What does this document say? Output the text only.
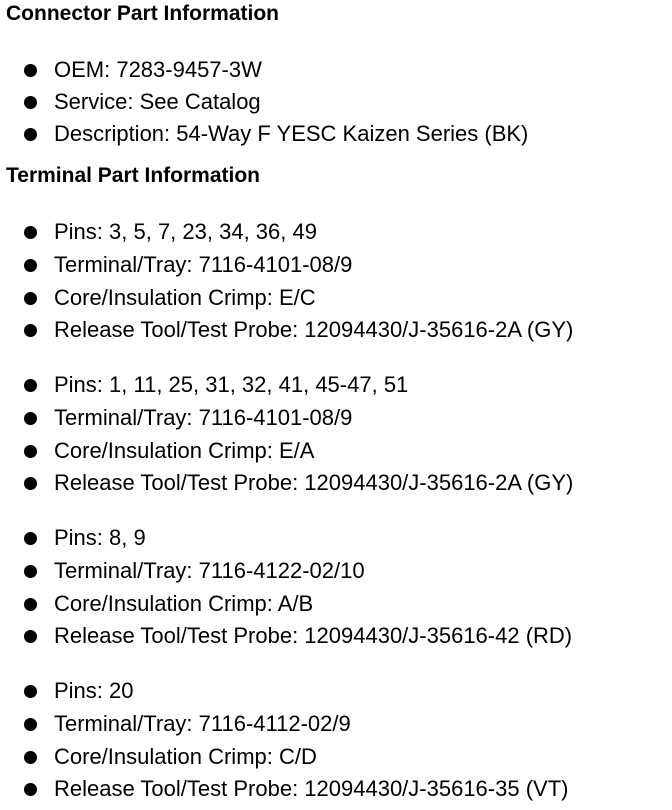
Connector Part Information
OEM: 7283-9457-3W
Service: See Catalog
Description: 54-Way F YESC Kaizen Series (BK)
Terminal Part Information
Pins: 3, 5, 7, 23, 34, 36, 49
Terminal/Tray: 7116-4101-08/9
Core/Insulation Crimp: E/C
Release Tool/Test Probe: 12094430/J-35616-2A (GY)
Pins: 1, 11, 25, 31, 32, 41, 45-47, 51
Terminal/Tray: 7116-4101-08/9
Core/Insulation Crimp: E/A
Release Tool/Test Probe: 12094430/J-35616-2A (GY)
Pins: 8, 9
Terminal/Tray: 7116-4122-02/10
Core/Insulation Crimp: A/B
Release Tool/Test Probe: 12094430/J-35616-42 (RD)
Pins: 20
Terminal/Tray: 7116-4112-02/9
Core/Insulation Crimp: C/D
Release Tool/Test Probe: 12094430/J-35616-35 (VT)
